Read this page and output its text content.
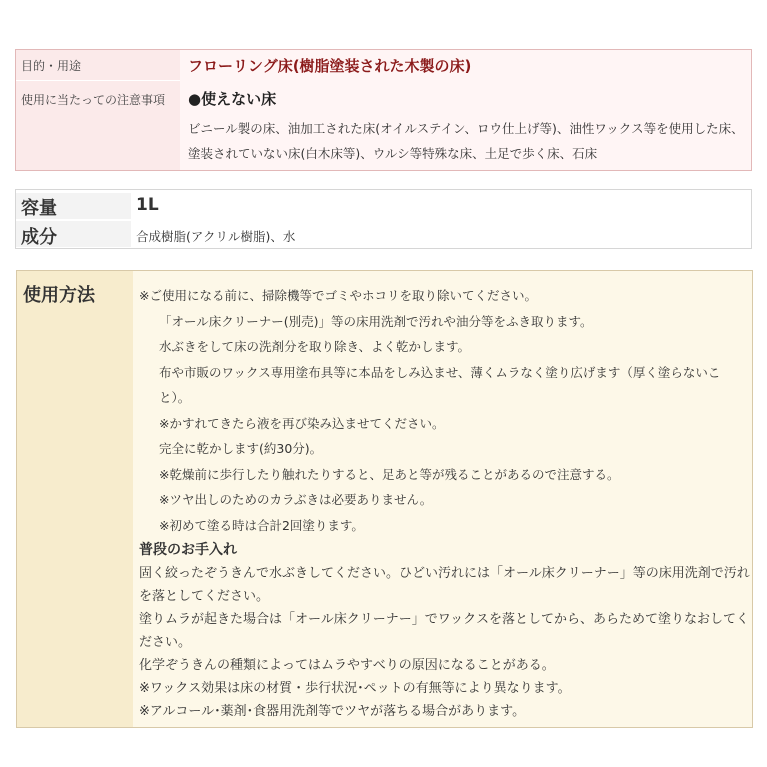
目的・用途	フローリング床(樹脂塗装された木製の床)
使用に当たっての注意事項 ●使えない床
ビニール製の床、油加工された床(オイルステイン、ロウ仕上げ等)、油性ワックス等を使用した床、塗装されていない床(白木床等)、ウルシ等特殊な床、土足で歩く床、石床
容量	1L
成分	合成樹脂(アクリル樹脂)、水
使用方法	※ご使用になる前に、掃除機等でゴミやホコリを取り除いてください。
「オール床クリーナー(別売)」等の床用洗剤で汚れや油分等をふき取ります。
水ぶきをして床の洗剤分を取り除き、よく乾かします。
布や市販のワックス専用塗布具等に本品をしみ込ませ、薄くムラなく塗り広げます（厚く塗らないこと）。
※かすれてきたら液を再び染み込ませてください。
完全に乾かします(約30分)。
※乾燥前に歩行したり触れたりすると、足あと等が残ることがあるので注意する。
※ツヤ出しのためのカラぶきは必要ありません。
※初めて塗る時は合計2回塗ります。
普段のお手入れ
固く絞ったぞうきんで水ぶきしてください。ひどい汚れには「オール床クリーナー」等の床用洗剤で汚れを落としてください。
塗りムラが起きた場合は「オール床クリーナー」でワックスを落としてから、あらためて塗りなおしてください。
化学ぞうきんの種類によってはムラやすべりの原因になることがある。
※ワックス効果は床の材質・歩行状況･ペットの有無等により異なります。
※アルコール･薬剤･食器用洗剤等でツヤが落ちる場合があります。
